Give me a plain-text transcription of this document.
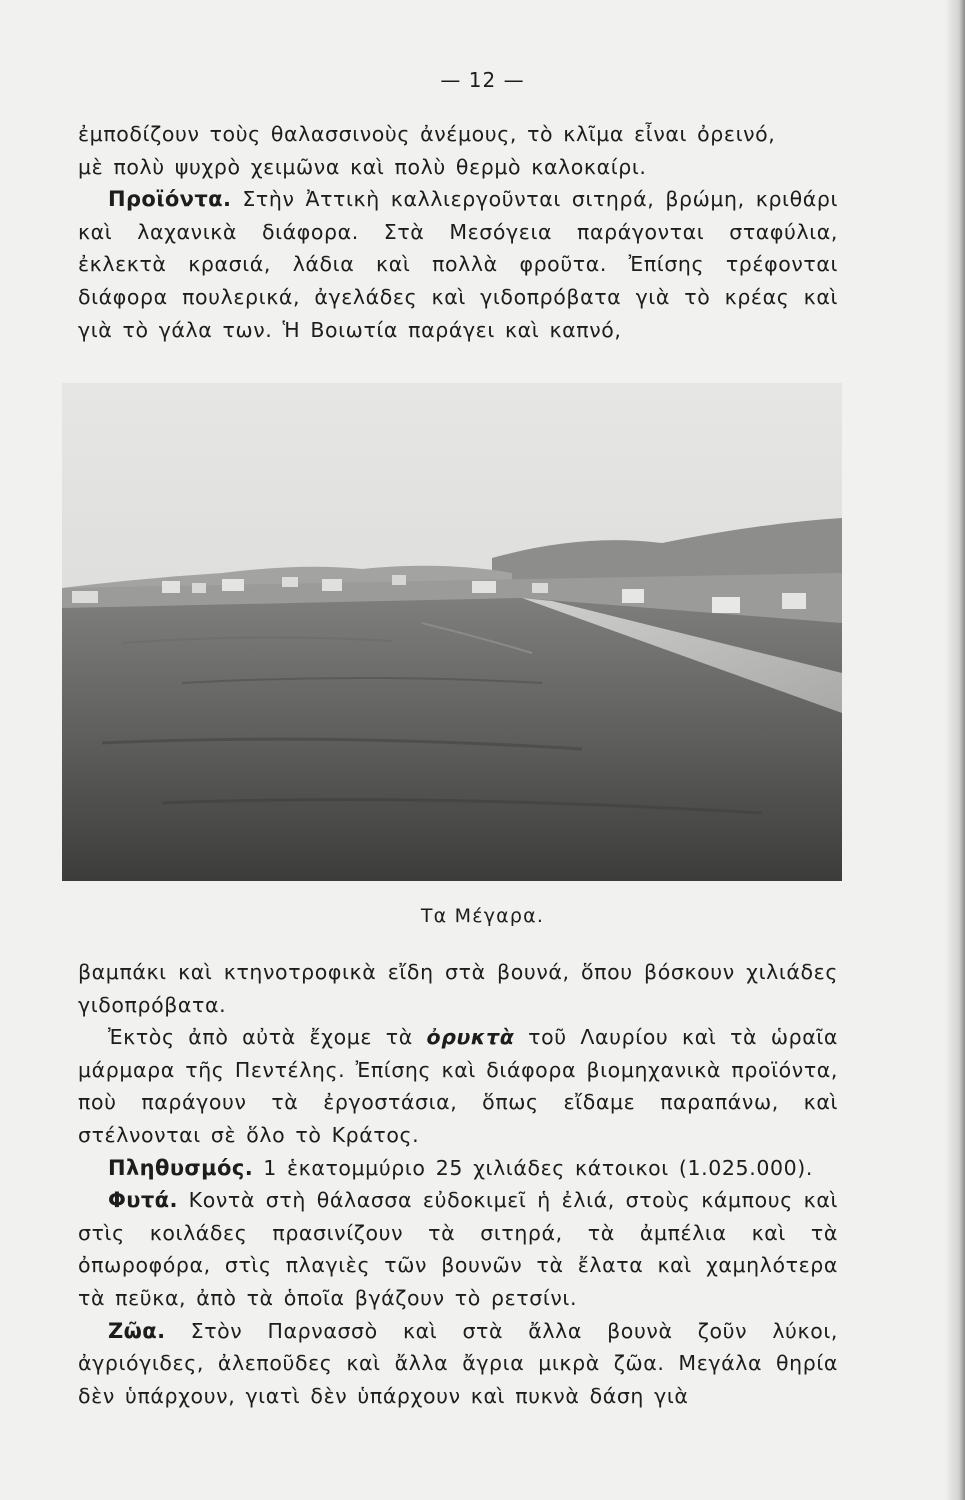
— 12 —

ἐμποδίζουν τοὺς θαλασσινοὺς ἀνέμους, τὸ κλῖμα εἶναι ὀρεινό,
μὲ πολὺ ψυχρὸ χειμῶνα καὶ πολὺ θερμὸ καλοκαίρι.

Προϊόντα. Στὴν Ἀττικὴ καλλιεργοῦνται σιτηρά, βρώμη, κριθάρι καὶ λαχανικὰ διάφορα. Στὰ Μεσόγεια παράγονται σταφύλια, ἐκλεκτὰ κρασιά, λάδια καὶ πολλὰ φροῦτα. Ἐπίσης τρέφονται διάφορα πουλερικά, ἀγελάδες καὶ γιδοπρόβατα γιὰ τὸ κρέας καὶ γιὰ τὸ γάλα των. Ἡ Βοιωτία παράγει καὶ καπνό,

Τα Μέγαρα.

βαμπάκι καὶ κτηνοτροφικὰ εἴδη στὰ βουνά, ὅπου βόσκουν χιλιάδες γιδοπρόβατα.

Ἐκτὸς ἀπὸ αὐτὰ ἔχομε τὰ ὀρυκτὰ τοῦ Λαυρίου καὶ τὰ ὡραῖα μάρμαρα τῆς Πεντέλης. Ἐπίσης καὶ διάφορα βιομηχανικὰ προϊόντα, ποὺ παράγουν τὰ ἐργοστάσια, ὅπως εἴδαμε παραπάνω, καὶ στέλνονται σὲ ὅλο τὸ Κράτος.

Πληθυσμός. 1 ἑκατομμύριο 25 χιλιάδες κάτοικοι (1.025.000).

Φυτά. Κοντὰ στὴ θάλασσα εὐδοκιμεῖ ἡ ἐλιά, στοὺς κάμπους καὶ στὶς κοιλάδες πρασινίζουν τὰ σιτηρά, τὰ ἀμπέλια καὶ τὰ ὀπωροφόρα, στὶς πλαγιὲς τῶν βουνῶν τὰ ἔλατα καὶ χαμηλότερα τὰ πεῦκα, ἀπὸ τὰ ὁποῖα βγάζουν τὸ ρετσίνι.

Ζῶα. Στὸν Παρνασσὸ καὶ στὰ ἄλλα βουνὰ ζοῦν λύκοι, ἀγριόγιδες, ἀλεποῦδες καὶ ἄλλα ἄγρια μικρὰ ζῶα. Μεγάλα θηρία δὲν ὑπάρχουν, γιατὶ δὲν ὑπάρχουν καὶ πυκνὰ δάση γιὰ
